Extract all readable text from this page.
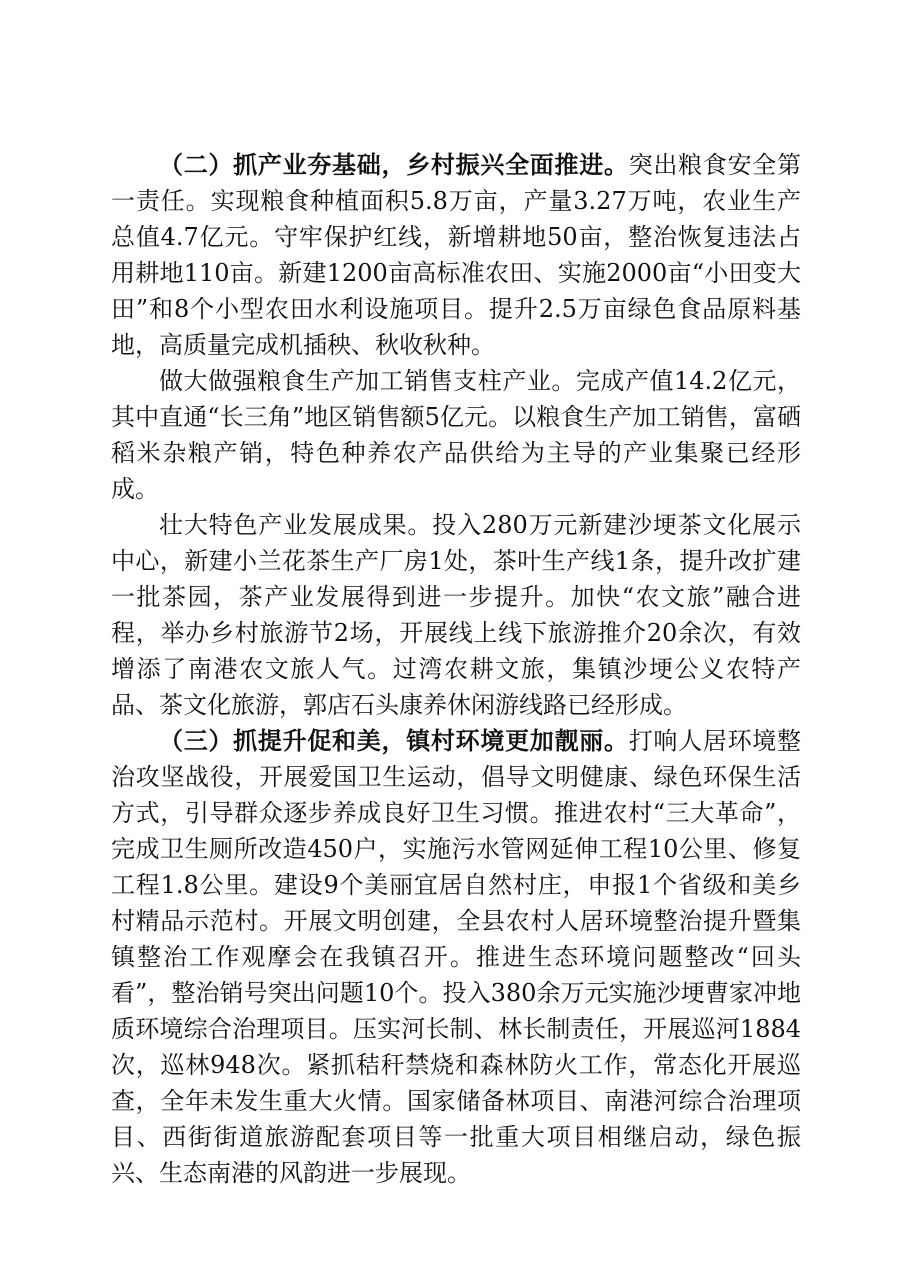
（二）抓产业夯基础，乡村振兴全面推进。突出粮食安全第一责任。实现粮食种植面积5.8万亩，产量3.27万吨，农业生产总值4.7亿元。守牢保护红线，新增耕地50亩，整治恢复违法占用耕地110亩。新建1200亩高标准农田、实施2000亩“小田变大田”和8个小型农田水利设施项目。提升2.5万亩绿色食品原料基地，高质量完成机插秧、秋收秋种。

做大做强粮食生产加工销售支柱产业。完成产值14.2亿元，其中直通“长三角”地区销售额5亿元。以粮食生产加工销售，富硒稻米杂粮产销，特色种养农产品供给为主导的产业集聚已经形成。

壮大特色产业发展成果。投入280万元新建沙埂茶文化展示中心，新建小兰花茶生产厂房1处，茶叶生产线1条，提升改扩建一批茶园，茶产业发展得到进一步提升。加快“农文旅”融合进程，举办乡村旅游节2场，开展线上线下旅游推介20余次，有效增添了南港农文旅人气。过湾农耕文旅，集镇沙埂公义农特产品、茶文化旅游，郭店石头康养休闲游线路已经形成。

（三）抓提升促和美，镇村环境更加靓丽。打响人居环境整治攻坚战役，开展爱国卫生运动，倡导文明健康、绿色环保生活方式，引导群众逐步养成良好卫生习惯。推进农村“三大革命”，完成卫生厕所改造450户，实施污水管网延伸工程10公里、修复工程1.8公里。建设9个美丽宜居自然村庄，申报1个省级和美乡村精品示范村。开展文明创建，全县农村人居环境整治提升暨集镇整治工作观摩会在我镇召开。推进生态环境问题整改“回头看”，整治销号突出问题10个。投入380余万元实施沙埂曹家冲地质环境综合治理项目。压实河长制、林长制责任，开展巡河1884次，巡林948次。紧抓秸秆禁烧和森林防火工作，常态化开展巡查，全年未发生重大火情。国家储备林项目、南港河综合治理项目、西街街道旅游配套项目等一批重大项目相继启动，绿色振兴、生态南港的风韵进一步展现。
